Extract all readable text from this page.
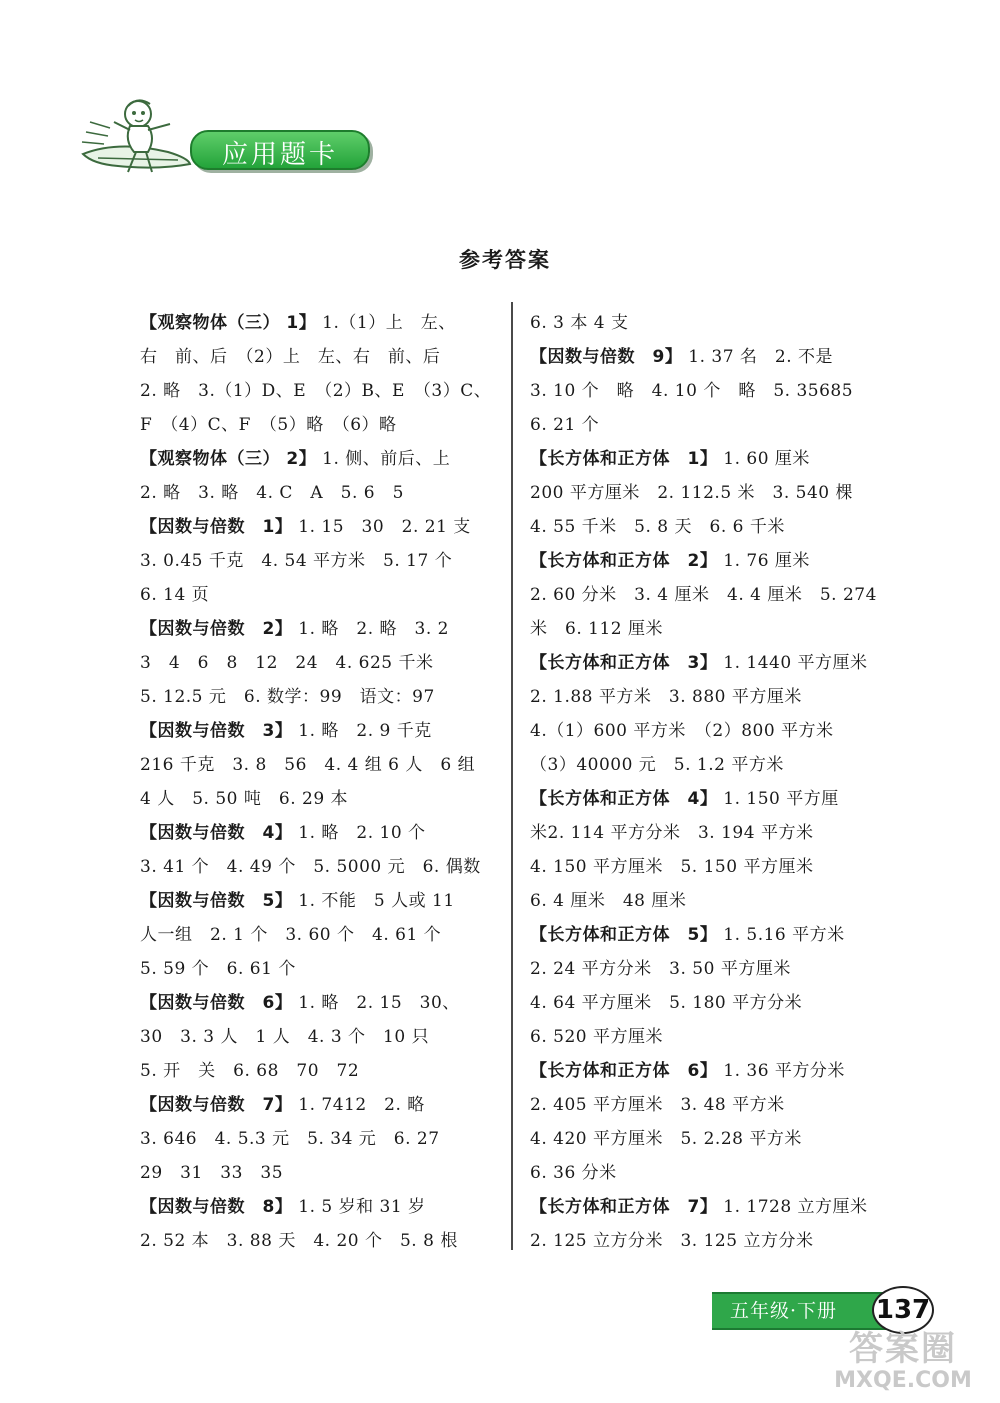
应用题卡
参考答案
【观察物体（三） 1】 1.（1）上　左、
右　前、后　（2）上　左、右　前、后
2. 略　3.（1）D、E　（2）B、E　（3）C、
F　（4）C、F　（5）略　（6）略
【观察物体（三） 2】 1. 侧、前后、上
2. 略　3. 略　4. C　A　5. 6　5
【因数与倍数　1】 1. 15　30　2. 21 支
3. 0.45 千克　4. 54 平方米　5. 17 个
6. 14 页
【因数与倍数　2】 1. 略　2. 略　3. 2
3　4　6　8　12　24　4. 625 千米
5. 12.5 元　6. 数学：99　语文：97
【因数与倍数　3】 1. 略　2. 9 千克
216 千克　3. 8　56　4. 4 组 6 人　6 组
4 人　5. 50 吨　6. 29 本
【因数与倍数　4】 1. 略　2. 10 个
3. 41 个　4. 49 个　5. 5000 元　6. 偶数
【因数与倍数　5】 1. 不能　5 人或 11
人一组　2. 1 个　3. 60 个　4. 61 个
5. 59 个　6. 61 个
【因数与倍数　6】 1. 略　2. 15　30、
30　3. 3 人　1 人　4. 3 个　10 只
5. 开　关　6. 68　70　72
【因数与倍数　7】 1. 7412　2. 略
3. 646　4. 5.3 元　5. 34 元　6. 27
29　31　33　35
【因数与倍数　8】 1. 5 岁和 31 岁
2. 52 本　3. 88 天　4. 20 个　5. 8 根
6. 3 本 4 支
【因数与倍数　9】 1. 37 名　2. 不是
3. 10 个　略　4. 10 个　略　5. 35685
6. 21 个
【长方体和正方体　1】 1. 60 厘米
200 平方厘米　2. 112.5 米　3. 540 棵
4. 55 千米　5. 8 天　6. 6 千米
【长方体和正方体　2】 1. 76 厘米
2. 60 分米　3. 4 厘米　4. 4 厘米　5. 274
米　6. 112 厘米
【长方体和正方体　3】 1. 1440 平方厘米
2. 1.88 平方米　3. 880 平方厘米
4.（1）600 平方米　（2）800 平方米
（3）40000 元　5. 1.2 平方米
【长方体和正方体　4】 1. 150 平方厘
米2. 114 平方分米　3. 194 平方米
4. 150 平方厘米　5. 150 平方厘米
6. 4 厘米　48 厘米
【长方体和正方体　5】 1. 5.16 平方米
2. 24 平方分米　3. 50 平方厘米
4. 64 平方厘米　5. 180 平方分米
6. 520 平方厘米
【长方体和正方体　6】 1. 36 平方分米
2. 405 平方厘米　3. 48 平方米
4. 420 平方厘米　5. 2.28 平方米
6. 36 分米
【长方体和正方体　7】 1. 1728 立方厘米
2. 125 立方分米　3. 125 立方分米
五年级·下册 137
答案圈
MXQE.COM
